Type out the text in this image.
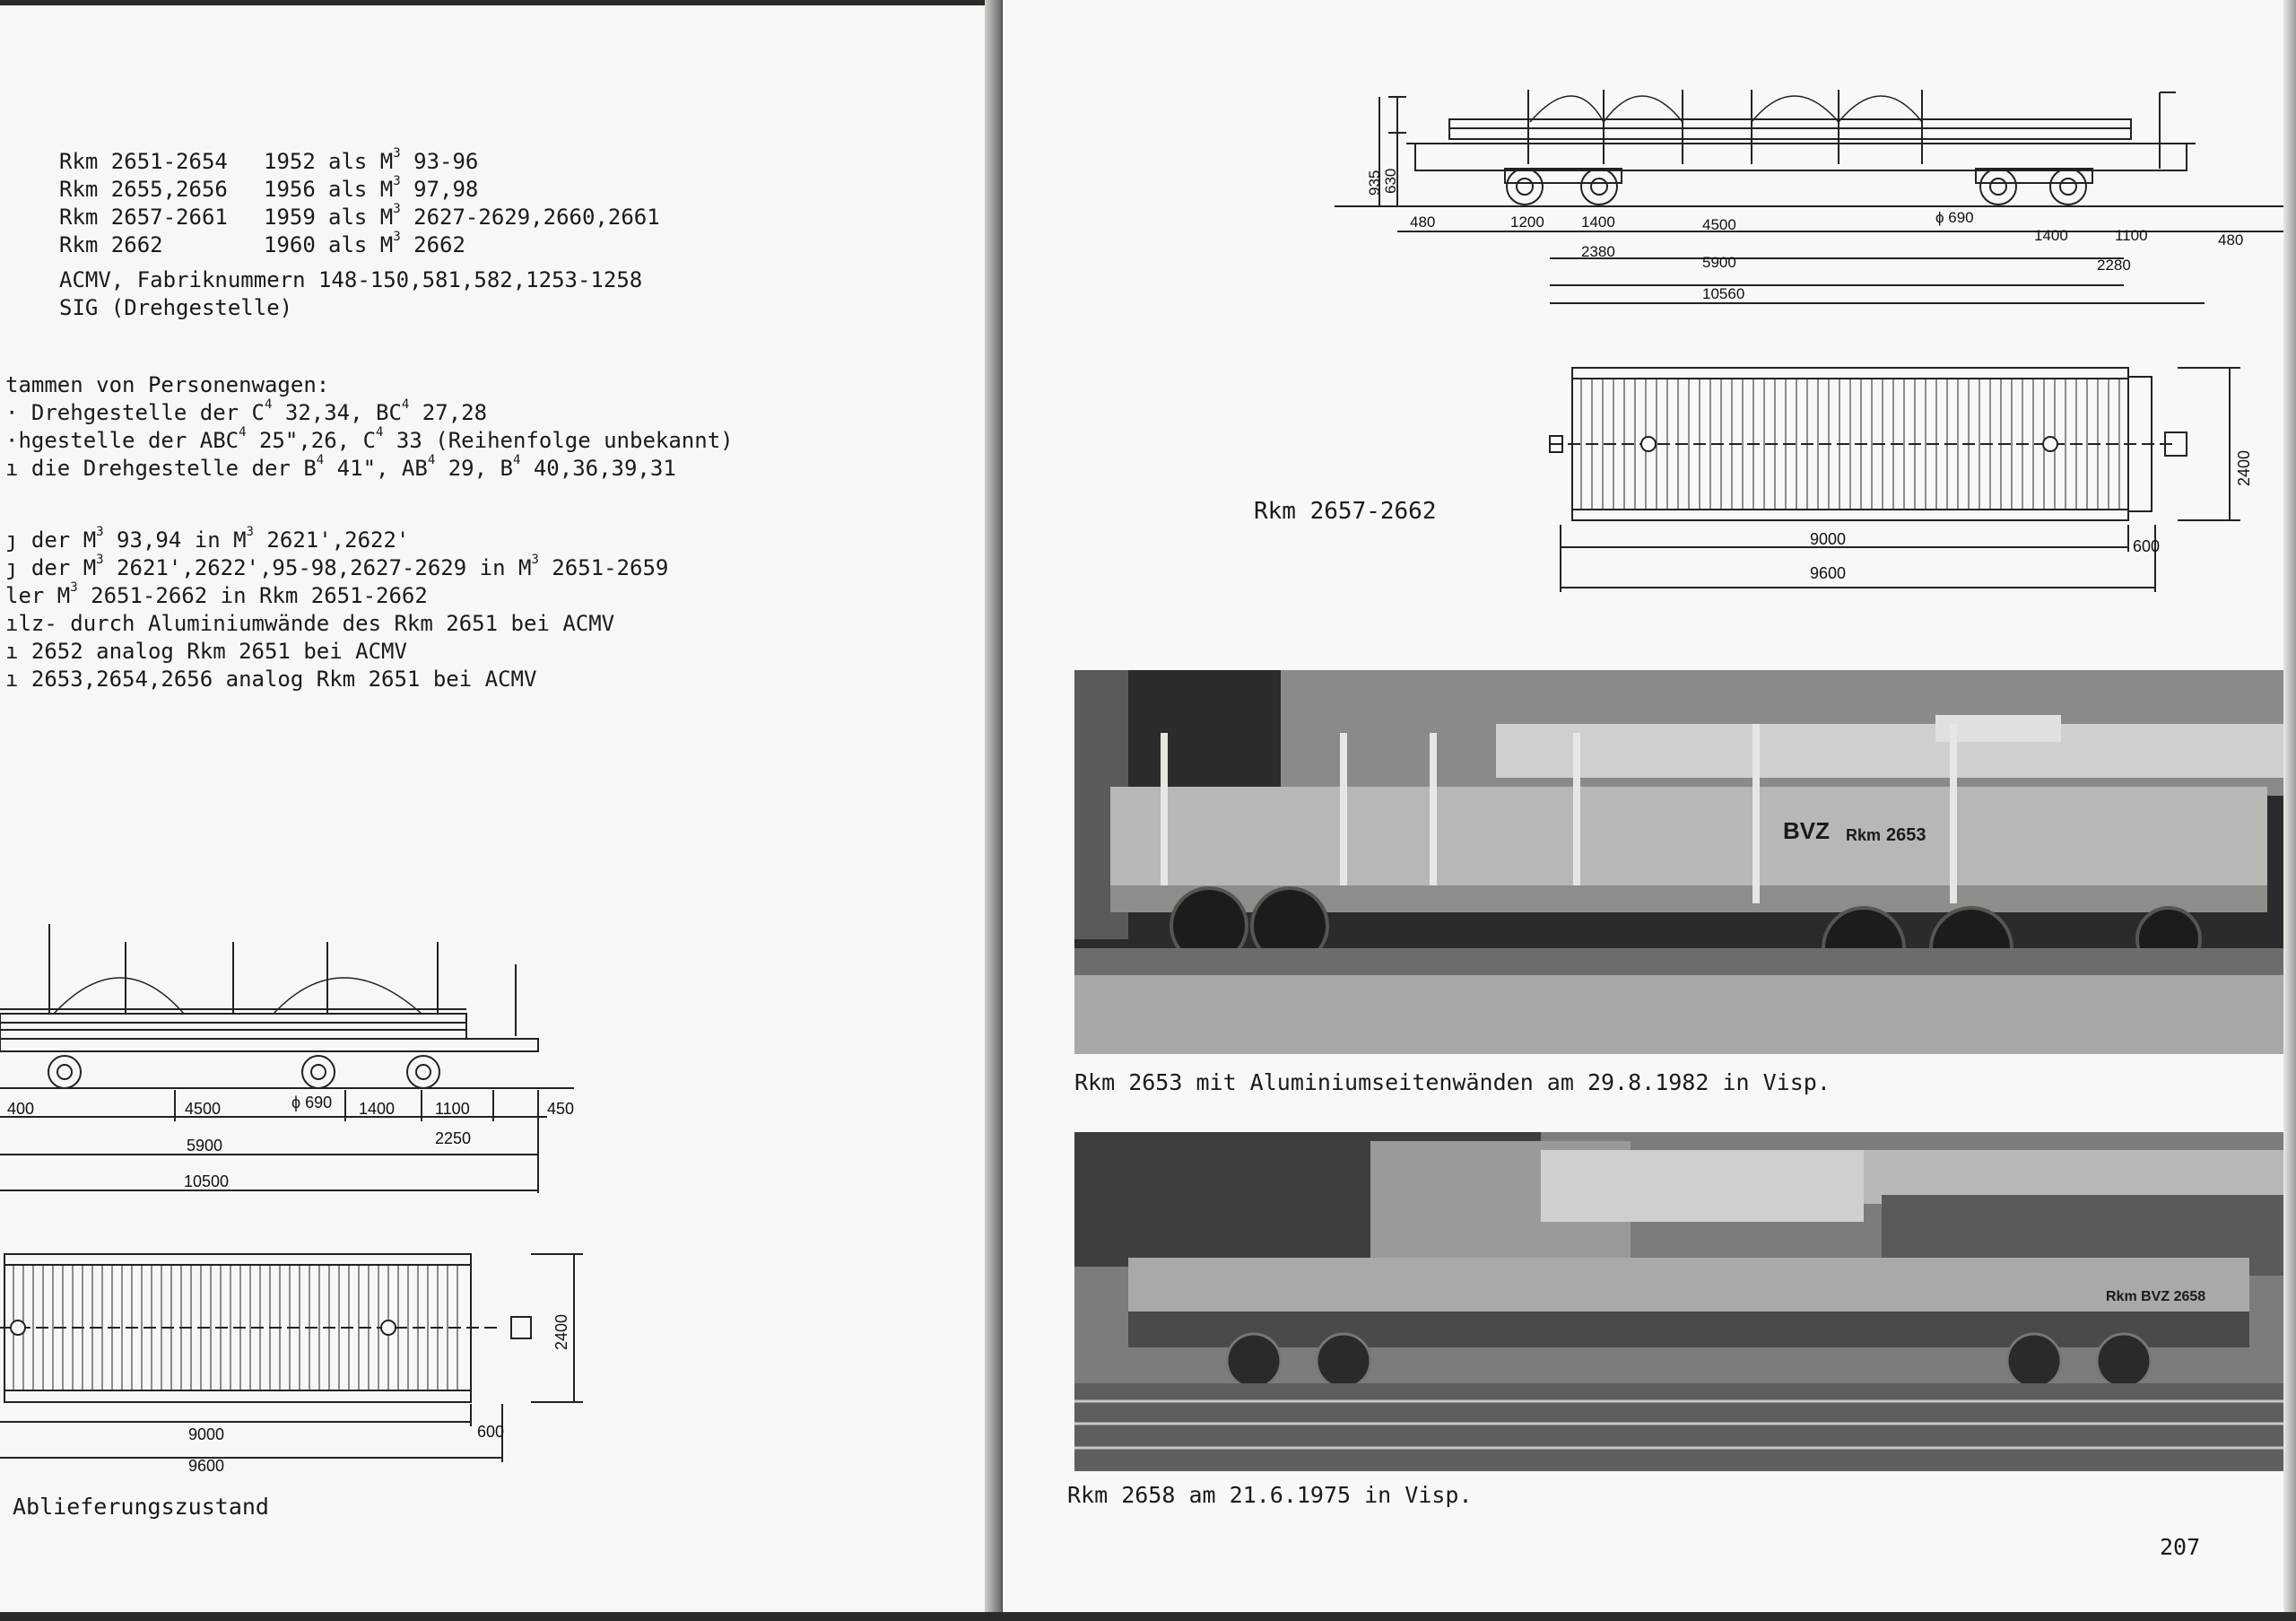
Rkm 2651-2654 1952 als $M^3$ 93-96
Rkm 2655,2656 1956 als $M^3$ 97,98
Rkm 2657-2661 1959 als $M^3$ 2627-2629,2660,2661
Rkm 2662	1960 als $M^3$ 2662
ACMV, Fabriknummern 148-150,581,582,1253-1258
SIG (Drehgestelle)
tammen von Personenwagen:
· Drehgestelle der $C^4$ 32,34, $BC^4$ 27,28
·hgestelle der ABC$^4$ 25",26, $C^4$ 33 (Reihenfolge unbekannt)
ı die Drehgestelle der $B^4$ 41", $AB^4$ 29, $B^4$ 40,36,39,31
ȷ der $M^3$ 93,94 in $M^3$ 2621',2622'
ȷ der $M^3$ 2621',2622',95-98,2627-2629 in $M^3$ 2651-2659
ler $M^3$ 2651-2662 in Rkm 2651-2662
ılz- durch Aluminiumwände des Rkm 2651 bei ACMV
ı 2652 analog Rkm 2651 bei ACMV
ı 2653,2654,2656 analog Rkm 2651 bei ACMV
400	4500	ϕ 690 1400 1100	450
5900	2250
10500
9000
9600
600
2400
Ablieferungszustand
935 630
480	1200 1400	4500	ϕ 690
1400	1100	480
2380
5900	2280
10560
9000
9600
600
2400
Rkm 2657-2662
BVZ Rkm 2653
Rkm 2653 mit Aluminiumseitenwänden am 29.8.1982 in Visp.
Rkm BVZ 2658
Rkm 2658 am 21.6.1975 in Visp.
207
